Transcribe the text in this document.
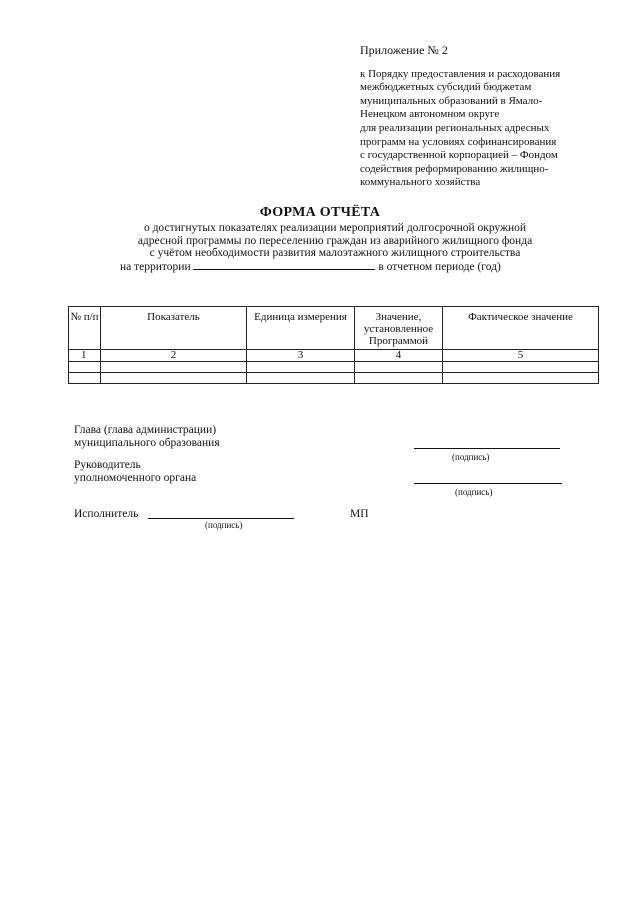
Приложение № 2
к Порядку предоставления и расходования
межбюджетных субсидий бюджетам
муниципальных образований в Ямало-
Ненецком автономном округе
для реализации региональных адресных
программ на условиях софинансирования
с государственной корпорацией – Фондом
содействия реформированию жилищно-
коммунального хозяйства
ФОРМА ОТЧЁТА
о достигнутых показателях реализации мероприятий долгосрочной окружной
адресной программы по переселению граждан из аварийного жилищного фонда
с учётом необходимости развития малоэтажного жилищного строительства
на территории	в отчетном периоде (год)
№ п/п	Показатель	Единица измерения	Значение, установленное Программой	Фактическое значение
1	2	3	4	5

Глава (глава администрации)
муниципального образования
(подпись)
Руководитель
уполномоченного органа
(подпись)
Исполнитель
(подпись)
МП
